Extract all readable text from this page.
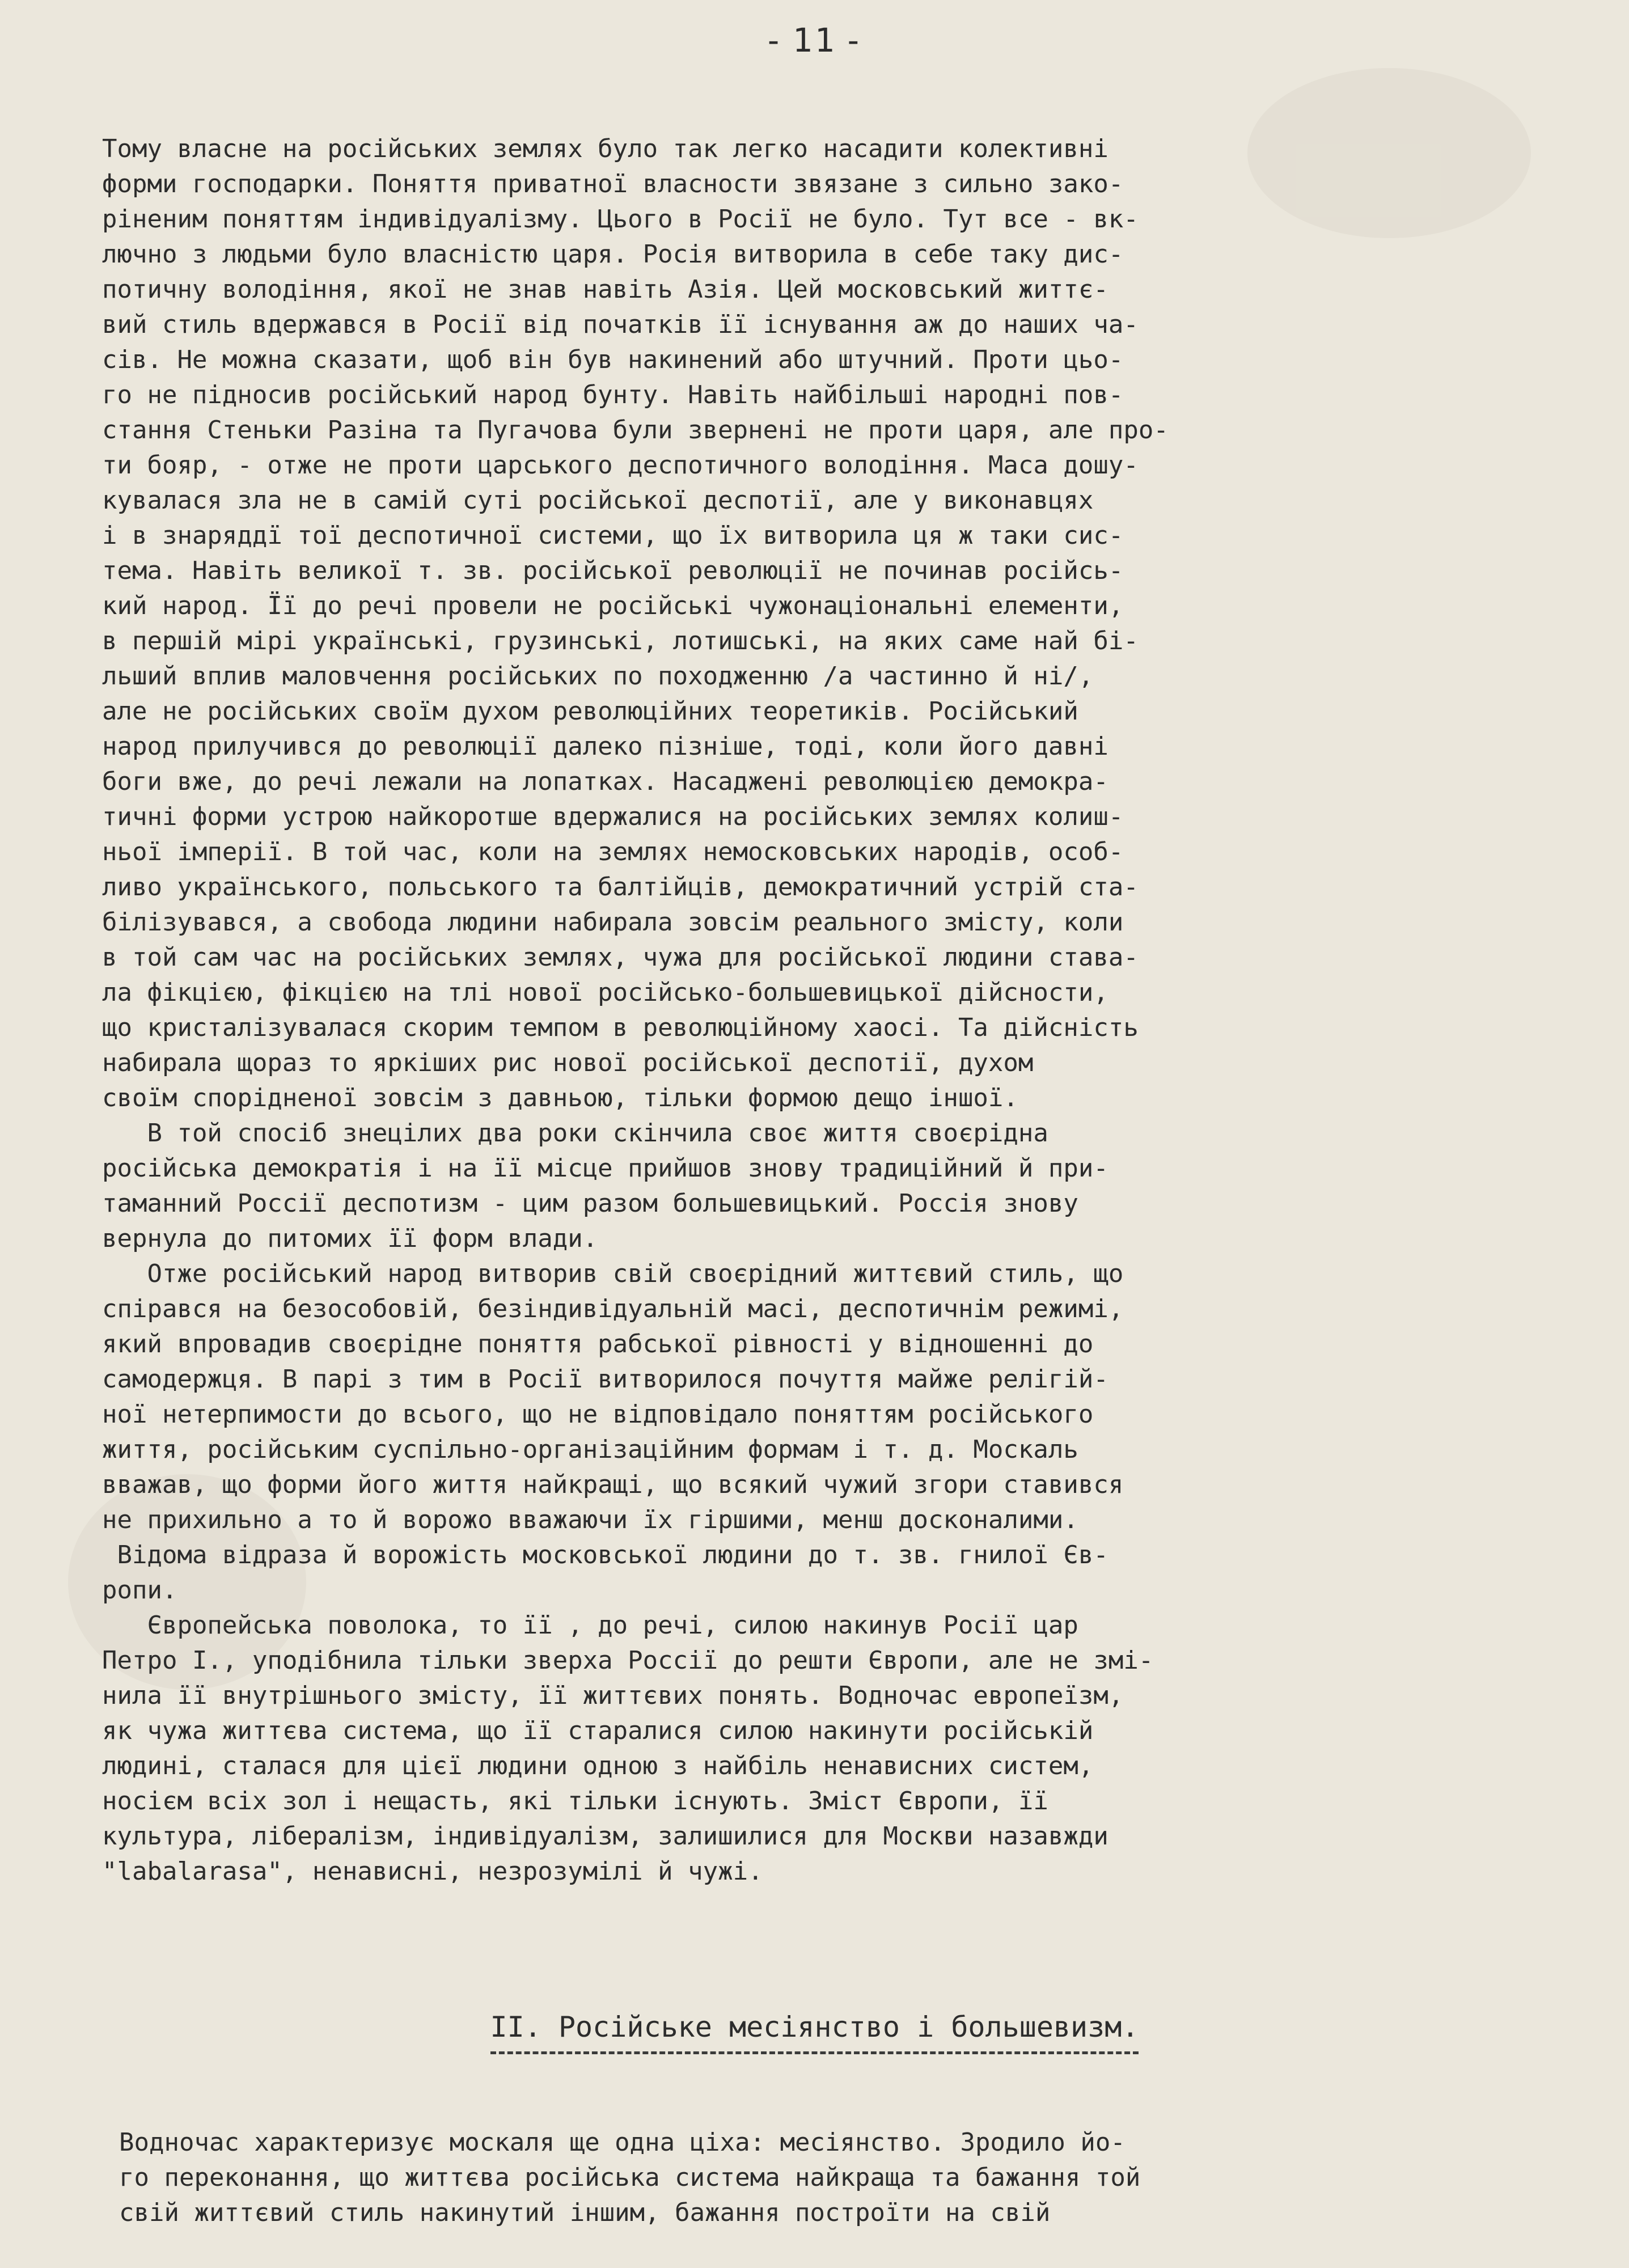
- 11 -
Тому власне на російських землях було так легко насадити колективні
форми господарки. Поняття приватної власности звязане з сильно зако-
ріненим поняттям індивідуалізму. Цього в Росії не було. Тут все - вк-
лючно з людьми було власністю царя. Росія витворила в себе таку дис-
потичну володіння, якої не знав навіть Азія. Цей московський життє-
вий стиль вдержався в Росії від початків її існування аж до наших ча-
сів. Не можна сказати, щоб він був накинений або штучний. Проти цьо-
го не підносив російський народ бунту. Навіть найбільші народні пов-
стання Стеньки Разіна та Пугачова були звернені не проти царя, але про-
ти бояр, - отже не проти царського деспотичного володіння. Маса дошу-
кувалася зла не в самій суті російської деспотії, але у виконавцях
і в знаряддї тої деспотичної системи, що їх витворила ця ж таки сис-
тема. Навіть великої т. зв. російської революції не починав російсь-
кий народ. Її до речі провели не російські чужонаціональні елементи,
в першій мірі українські, грузинські, лотишські, на яких саме най бі-
льший вплив маловчення російських по походженню /а частинно й ні/,
але не російських своїм духом революційних теоретиків. Російський
народ прилучився до революції далеко пізніше, тоді, коли його давні
боги вже, до речі лежали на лопатках. Насаджені революцією демокра-
тичні форми устрою найкоротше вдержалися на російських землях колиш-
ньої імперії. В той час, коли на землях немосковських народів, особ-
ливо українського, польського та балтійців, демократичний устрій ста-
білізувався, а свобода людини набирала зовсім реального змісту, коли
в той сам час на російських землях, чужа для російської людини става-
ла фікцією, фікцією на тлі нової російсько-большевицької дійсности,
що кристалізувалася скорим темпом в революційному хаосі. Та дійсність
набирала щораз то яркіших рис нової російської деспотії, духом
своїм спорідненої зовсім з давньою, тільки формою дещо іншої.
В той спосіб знецілих два роки скінчила своє життя своєрідна
російська демократія і на її місце прийшов знову традиційний й при-
таманний Россії деспотизм - цим разом большевицький. Россія знову
вернула до питомих її форм влади.
Отже російський народ витворив свій своєрідний життєвий стиль, що
спірався на безособовій, безіндивідуальній масі, деспотичнім режимі,
який впровадив своєрідне поняття рабської рівності у відношенні до
самодержця. В парі з тим в Росії витворилося почуття майже релігій-
ної нетерпимости до всього, що не відповідало поняттям російського
життя, російським суспільно-організаційним формам і т. д. Москаль
вважав, що форми його життя найкращі, що всякий чужий згори ставився
не прихильно а то й ворожо вважаючи їх гіршими, менш досконалими.
Відома відраза й ворожість московської людини до т. зв. гнилої Єв-
ропи.
Європейська поволока, то її , до речі, силою накинув Росії цар
Петро I., уподібнила тільки зверха Россії до решти Європи, але не змі-
нила її внутрішнього змісту, її життєвих понять. Водночас европеїзм,
як чужа життєва система, що її старалися силою накинути російській
людині, сталася для цієї людини одною з найбіль ненависних систем,
носієм всіх зол і нещасть, які тільки існують. Зміст Європи, її
культура, лібералізм, індивідуалізм, залишилися для Москви назавжди
"labalarasa", ненависні, незрозумілі й чужі.
II. Російське месіянство і большевизм.
Водночас характеризує москаля ще одна ціха: месіянство. Зродило йо-
го переконання, що життєва російська система найкраща та бажання той
свій життєвий стиль накинутий іншим, бажання построїти на свій
